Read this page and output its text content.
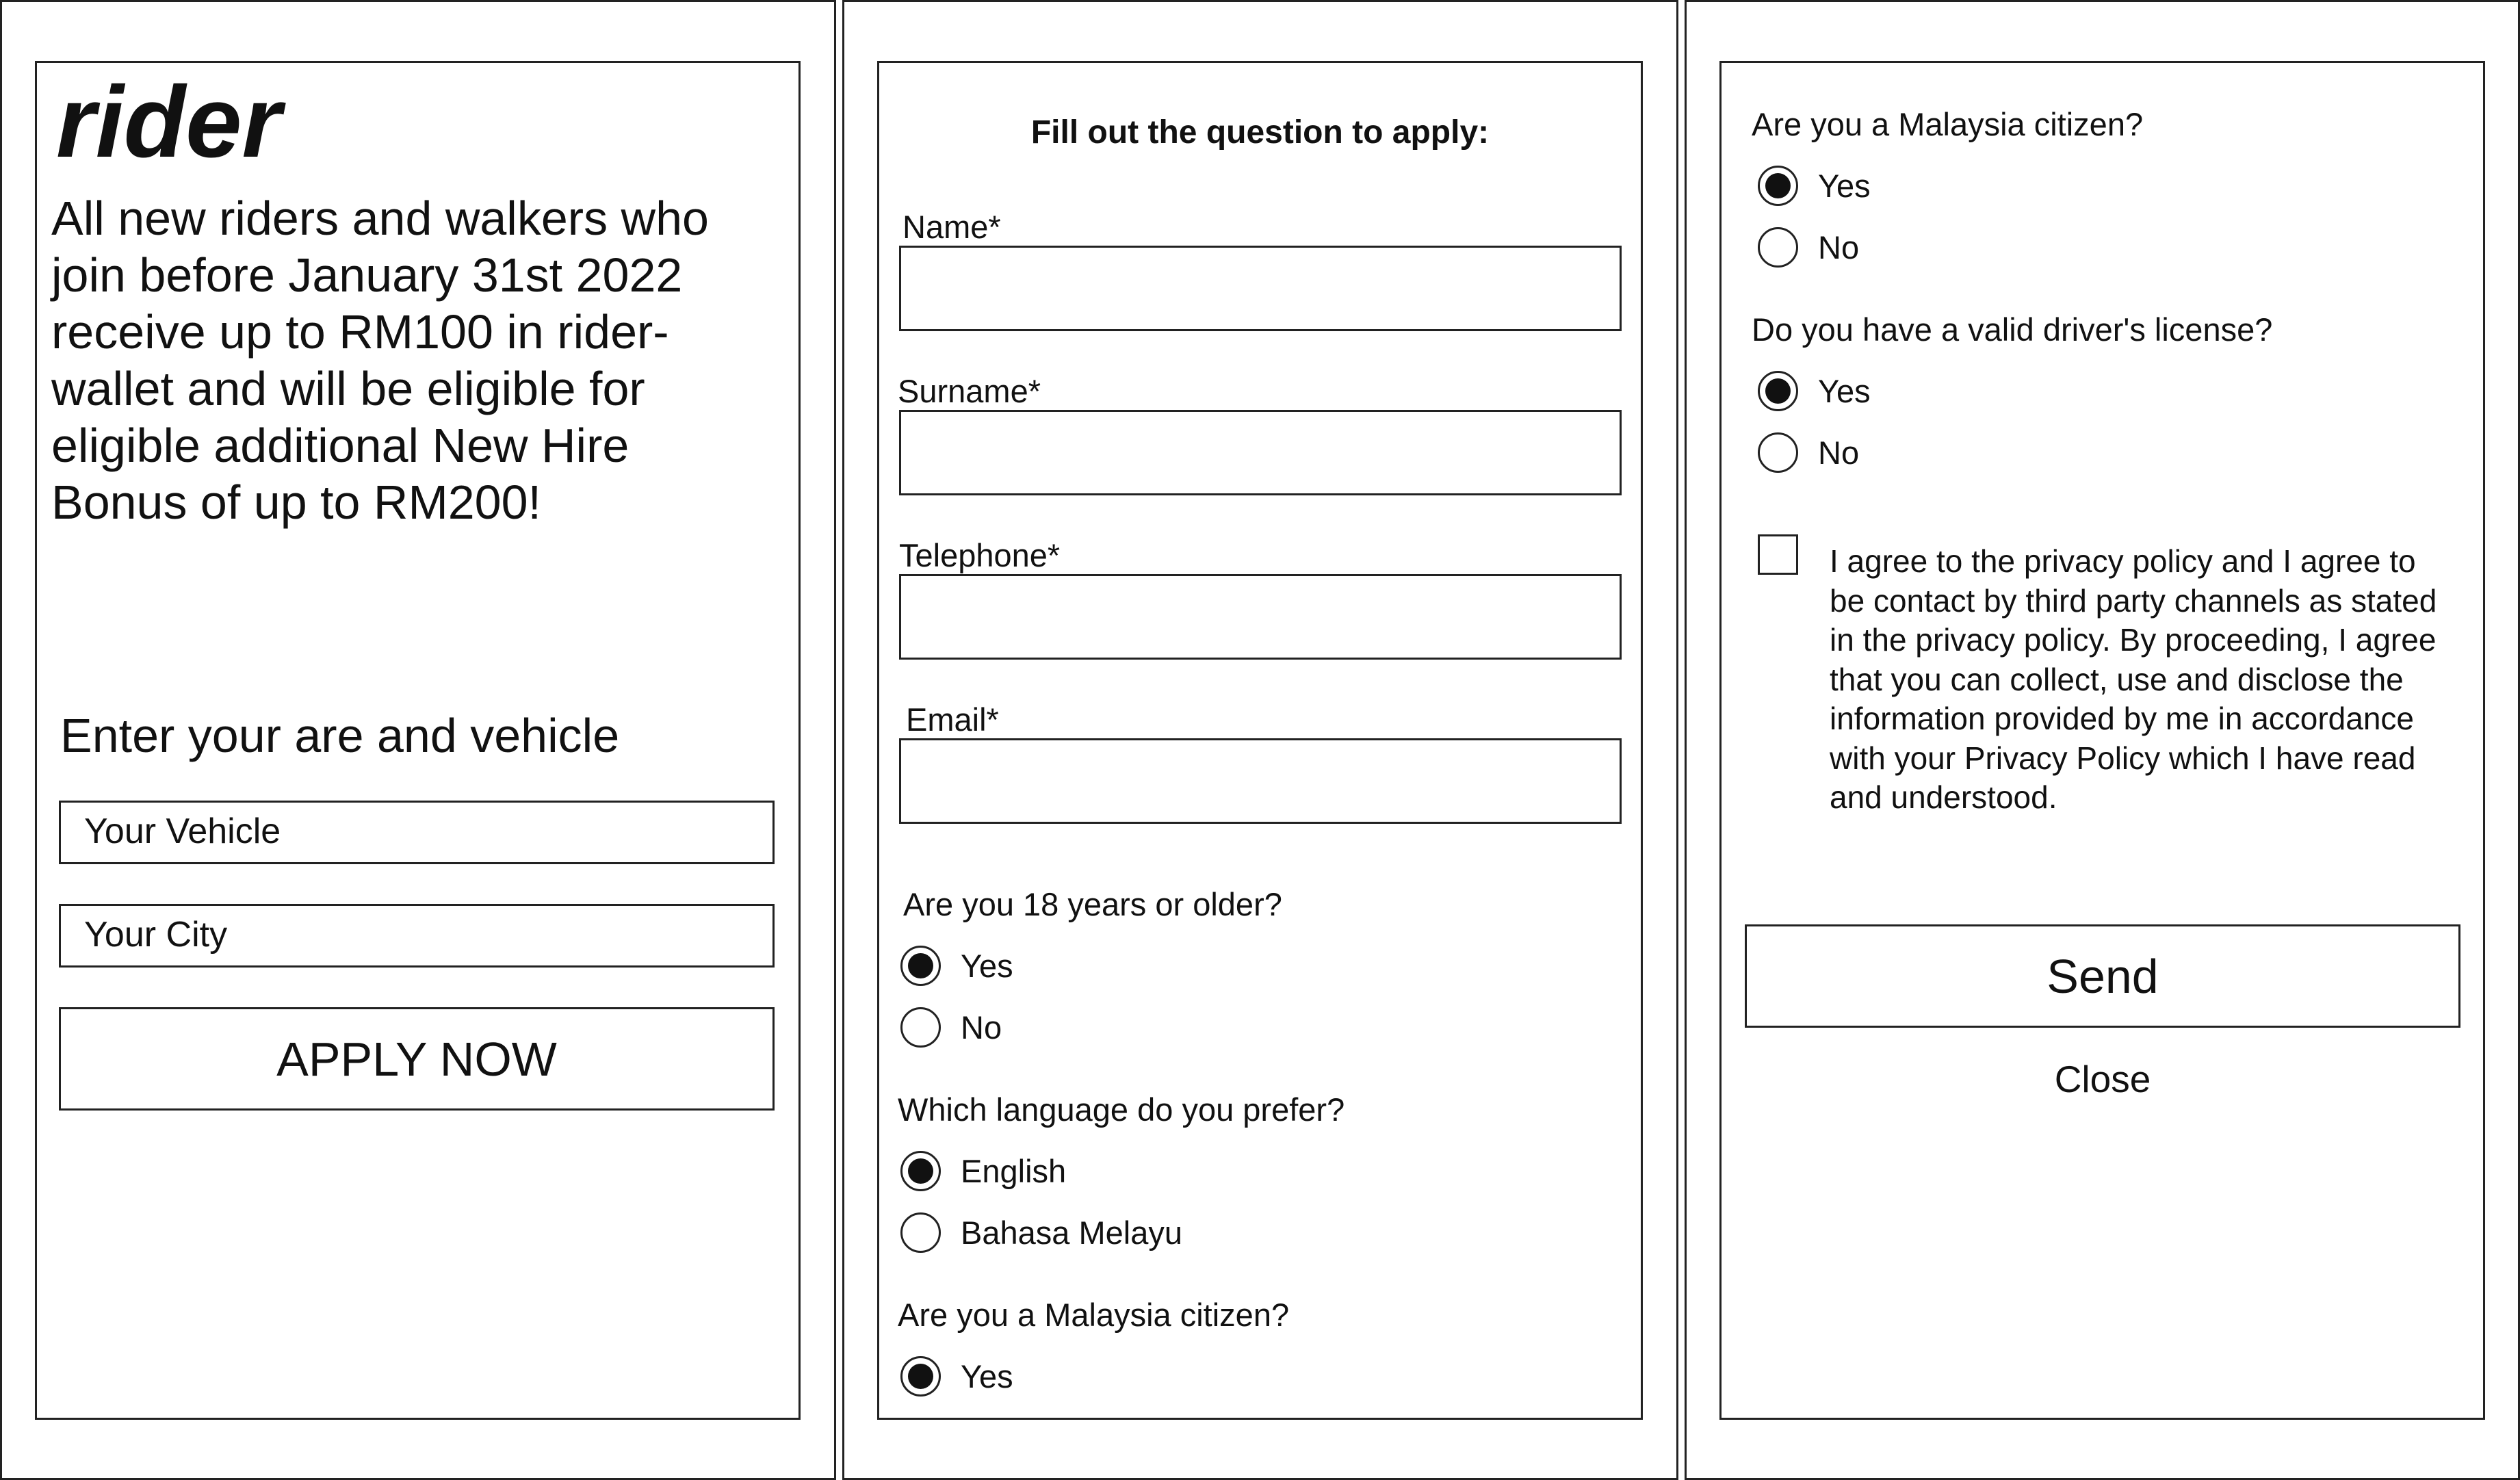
rider
All new riders and walkers who
join before January 31st 2022
receive up to RM100 in rider-
wallet and will be eligible for
eligible additional New Hire
Bonus of up to RM200!
Enter your are and vehicle
Your Vehicle
Your City
APPLY NOW
Fill out the question to apply:
Name*
Surname*
Telephone*
Email*
Are you 18 years or older?
Yes
No
Which language do you prefer?
English
Bahasa Melayu
Are you a Malaysia citizen?
Yes
Are you a Malaysia citizen?
Yes
No
Do you have a valid driver's license?
Yes
No
I agree to the privacy policy and I agree to
be contact by third party channels as stated
in the privacy policy. By proceeding, I agree
that you can collect, use and disclose the
information provided by me in accordance
with your Privacy Policy which I have read
and understood.
Send
Close
